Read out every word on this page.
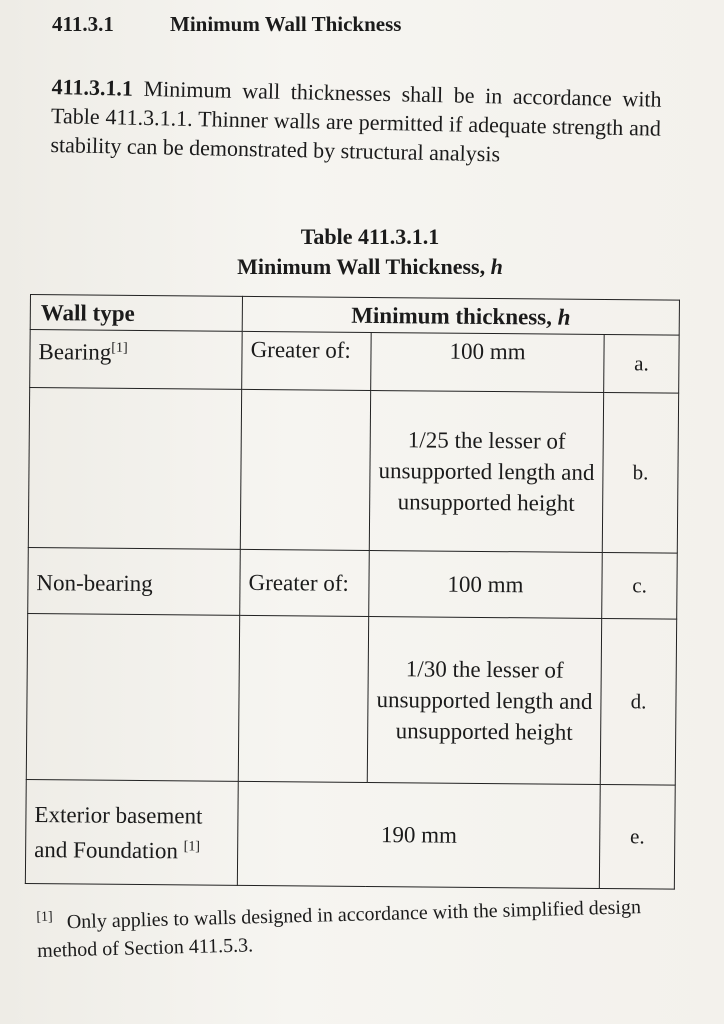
411.3.1	Minimum Wall Thickness
411.3.1.1 Minimum wall thicknesses shall be in accordance with Table 411.3.1.1. Thinner walls are permitted if adequate strength and stability can be demonstrated by structural analysis
Table 411.3.1.1
Minimum Wall Thickness, h
Wall type	Minimum thickness, h		
Bearing[1]	Greater of:	100 mm	a.
		1/25 the lesser of unsupported length and unsupported height	b.
Non-bearing	Greater of:	100 mm	c.
		1/30 the lesser of unsupported length and unsupported height	d.
Exterior basement and Foundation [1]	190 mm		e.
[1] Only applies to walls designed in accordance with the simplified design method of Section 411.5.3.
